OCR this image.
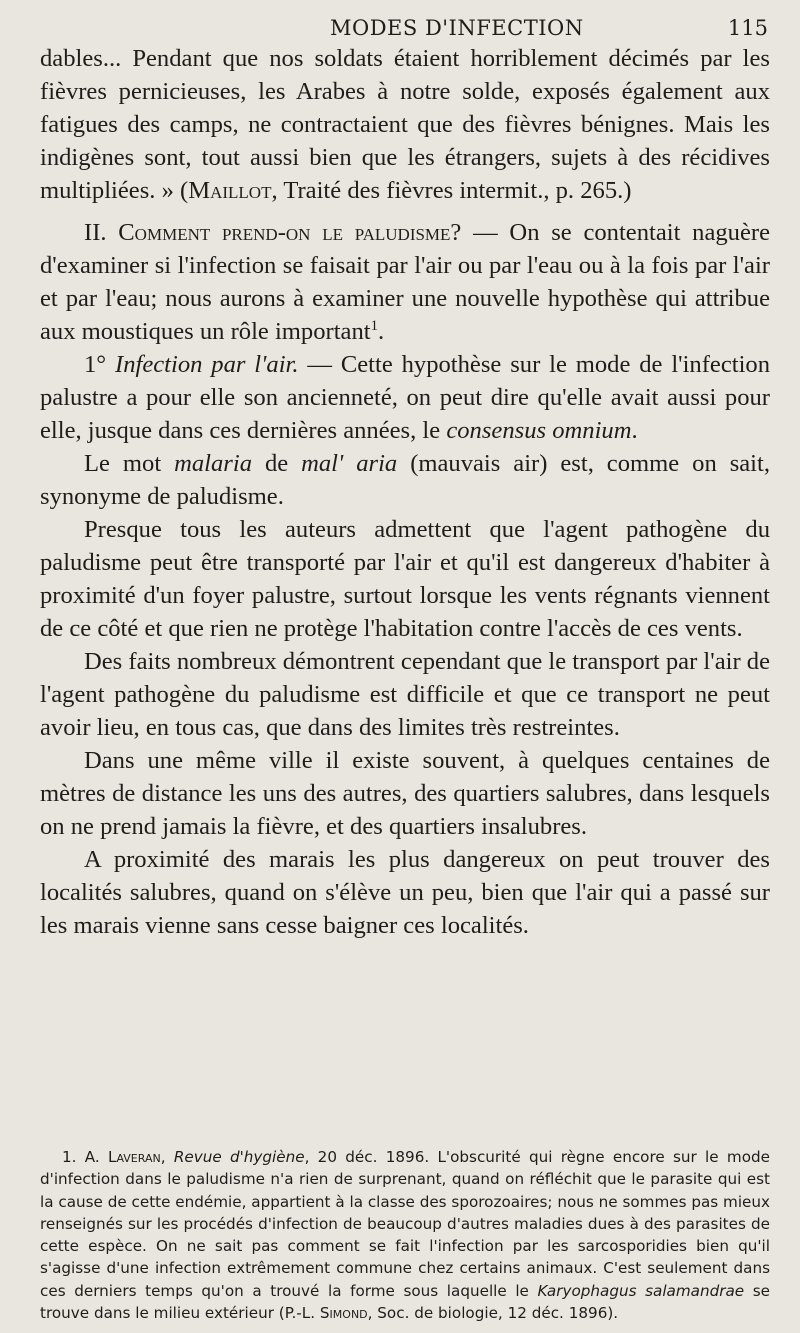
MODES D'INFECTION	115

dables... Pendant que nos soldats étaient horriblement décimés par les fièvres pernicieuses, les Arabes à notre solde, exposés également aux fatigues des camps, ne contractaient que des fièvres bénignes. Mais les indigènes sont, tout aussi bien que les étrangers, sujets à des récidives multipliées. » (Maillot, Traité des fièvres intermit., p. 265.)

II. Comment prend-on le paludisme? — On se contentait naguère d'examiner si l'infection se faisait par l'air ou par l'eau ou à la fois par l'air et par l'eau; nous aurons à examiner une nouvelle hypothèse qui attribue aux moustiques un rôle important$^1$.

1° Infection par l'air. — Cette hypothèse sur le mode de l'infection palustre a pour elle son ancienneté, on peut dire qu'elle avait aussi pour elle, jusque dans ces dernières années, le consensus omnium.

Le mot malaria de mal' aria (mauvais air) est, comme on sait, synonyme de paludisme.

Presque tous les auteurs admettent que l'agent pathogène du paludisme peut être transporté par l'air et qu'il est dangereux d'habiter à proximité d'un foyer palustre, surtout lorsque les vents régnants viennent de ce côté et que rien ne protège l'habitation contre l'accès de ces vents.

Des faits nombreux démontrent cependant que le transport par l'air de l'agent pathogène du paludisme est difficile et que ce transport ne peut avoir lieu, en tous cas, que dans des limites très restreintes.

Dans une même ville il existe souvent, à quelques centaines de mètres de distance les uns des autres, des quartiers salubres, dans lesquels on ne prend jamais la fièvre, et des quartiers insalubres.

A proximité des marais les plus dangereux on peut trouver des localités salubres, quand on s'élève un peu, bien que l'air qui a passé sur les marais vienne sans cesse baigner ces localités.

1. A. Laveran, Revue d'hygiène, 20 déc. 1896. L'obscurité qui règne encore sur le mode d'infection dans le paludisme n'a rien de surprenant, quand on réfléchit que le parasite qui est la cause de cette endémie, appartient à la classe des sporozoaires; nous ne sommes pas mieux renseignés sur les procédés d'infection de beaucoup d'autres maladies dues à des parasites de cette espèce. On ne sait pas comment se fait l'infection par les sarcosporidies bien qu'il s'agisse d'une infection extrêmement commune chez certains animaux. C'est seulement dans ces derniers temps qu'on a trouvé la forme sous laquelle le Karyophagus salamandrae se trouve dans le milieu extérieur (P.-L. Simond, Soc. de biologie, 12 déc. 1896).
